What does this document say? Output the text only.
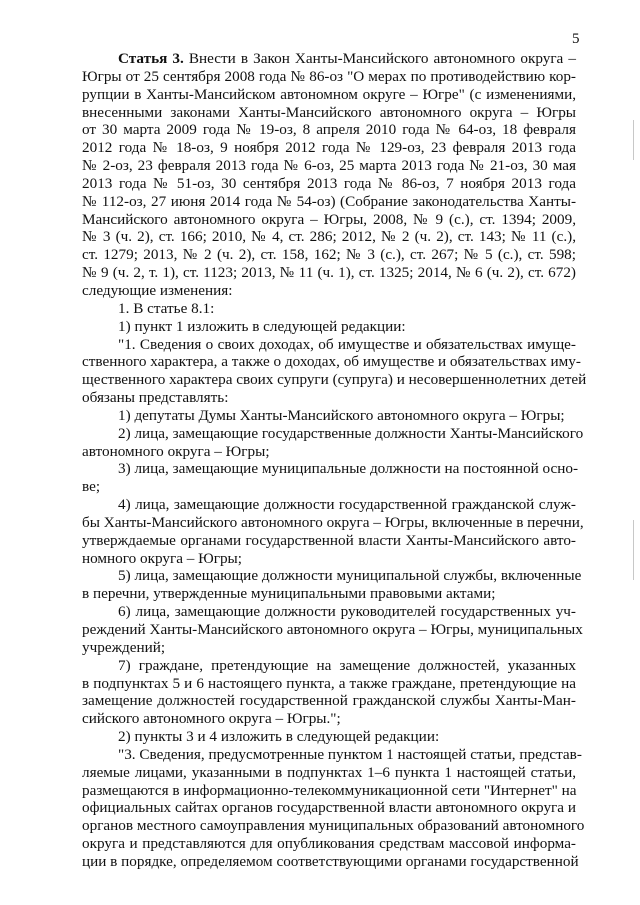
5
Статья 3. Внести в Закон Ханты-Мансийского автономного округа –
Югры от 25 сентября 2008 года № 86-оз "О мерах по противодействию кор-
рупции в Ханты-Мансийском автономном округе – Югре" (с изменениями,
внесенными законами Ханты-Мансийского автономного округа – Югры
от 30 марта 2009 года № 19-оз, 8 апреля 2010 года № 64-оз, 18 февраля
2012 года № 18-оз, 9 ноября 2012 года № 129-оз, 23 февраля 2013 года
№ 2-оз, 23 февраля 2013 года № 6-оз, 25 марта 2013 года № 21-оз, 30 мая
2013 года № 51-оз, 30 сентября 2013 года № 86-оз, 7 ноября 2013 года
№ 112-оз, 27 июня 2014 года № 54-оз) (Собрание законодательства Ханты-
Мансийского автономного округа – Югры, 2008, № 9 (с.), ст. 1394; 2009,
№ 3 (ч. 2), ст. 166; 2010, № 4, ст. 286; 2012, № 2 (ч. 2), ст. 143; № 11 (с.),
ст. 1279; 2013, № 2 (ч. 2), ст. 158, 162; № 3 (с.), ст. 267; № 5 (с.), ст. 598;
№ 9 (ч. 2, т. 1), ст. 1123; 2013, № 11 (ч. 1), ст. 1325; 2014, № 6 (ч. 2), ст. 672)
следующие изменения:
1. В статье 8.1:
1) пункт 1 изложить в следующей редакции:
"1. Сведения о своих доходах, об имуществе и обязательствах имуще-
ственного характера, а также о доходах, об имуществе и обязательствах иму-
щественного характера своих супруги (супруга) и несовершеннолетних детей
обязаны представлять:
1) депутаты Думы Ханты-Мансийского автономного округа – Югры;
2) лица, замещающие государственные должности Ханты-Мансийского
автономного округа – Югры;
3) лица, замещающие муниципальные должности на постоянной осно-
ве;
4) лица, замещающие должности государственной гражданской служ-
бы Ханты-Мансийского автономного округа – Югры, включенные в перечни,
утверждаемые органами государственной власти Ханты-Мансийского авто-
номного округа – Югры;
5) лица, замещающие должности муниципальной службы, включенные
в перечни, утвержденные муниципальными правовыми актами;
6) лица, замещающие должности руководителей государственных уч-
реждений Ханты-Мансийского автономного округа – Югры, муниципальных
учреждений;
7) граждане, претендующие на замещение должностей, указанных
в подпунктах 5 и 6 настоящего пункта, а также граждане, претендующие на
замещение должностей государственной гражданской службы Ханты-Ман-
сийского автономного округа – Югры.";
2) пункты 3 и 4 изложить в следующей редакции:
"3. Сведения, предусмотренные пунктом 1 настоящей статьи, представ-
ляемые лицами, указанными в подпунктах 1–6 пункта 1 настоящей статьи,
размещаются в информационно-телекоммуникационной сети "Интернет" на
официальных сайтах органов государственной власти автономного округа и
органов местного самоуправления муниципальных образований автономного
округа и представляются для опубликования средствам массовой информа-
ции в порядке, определяемом соответствующими органами государственной
